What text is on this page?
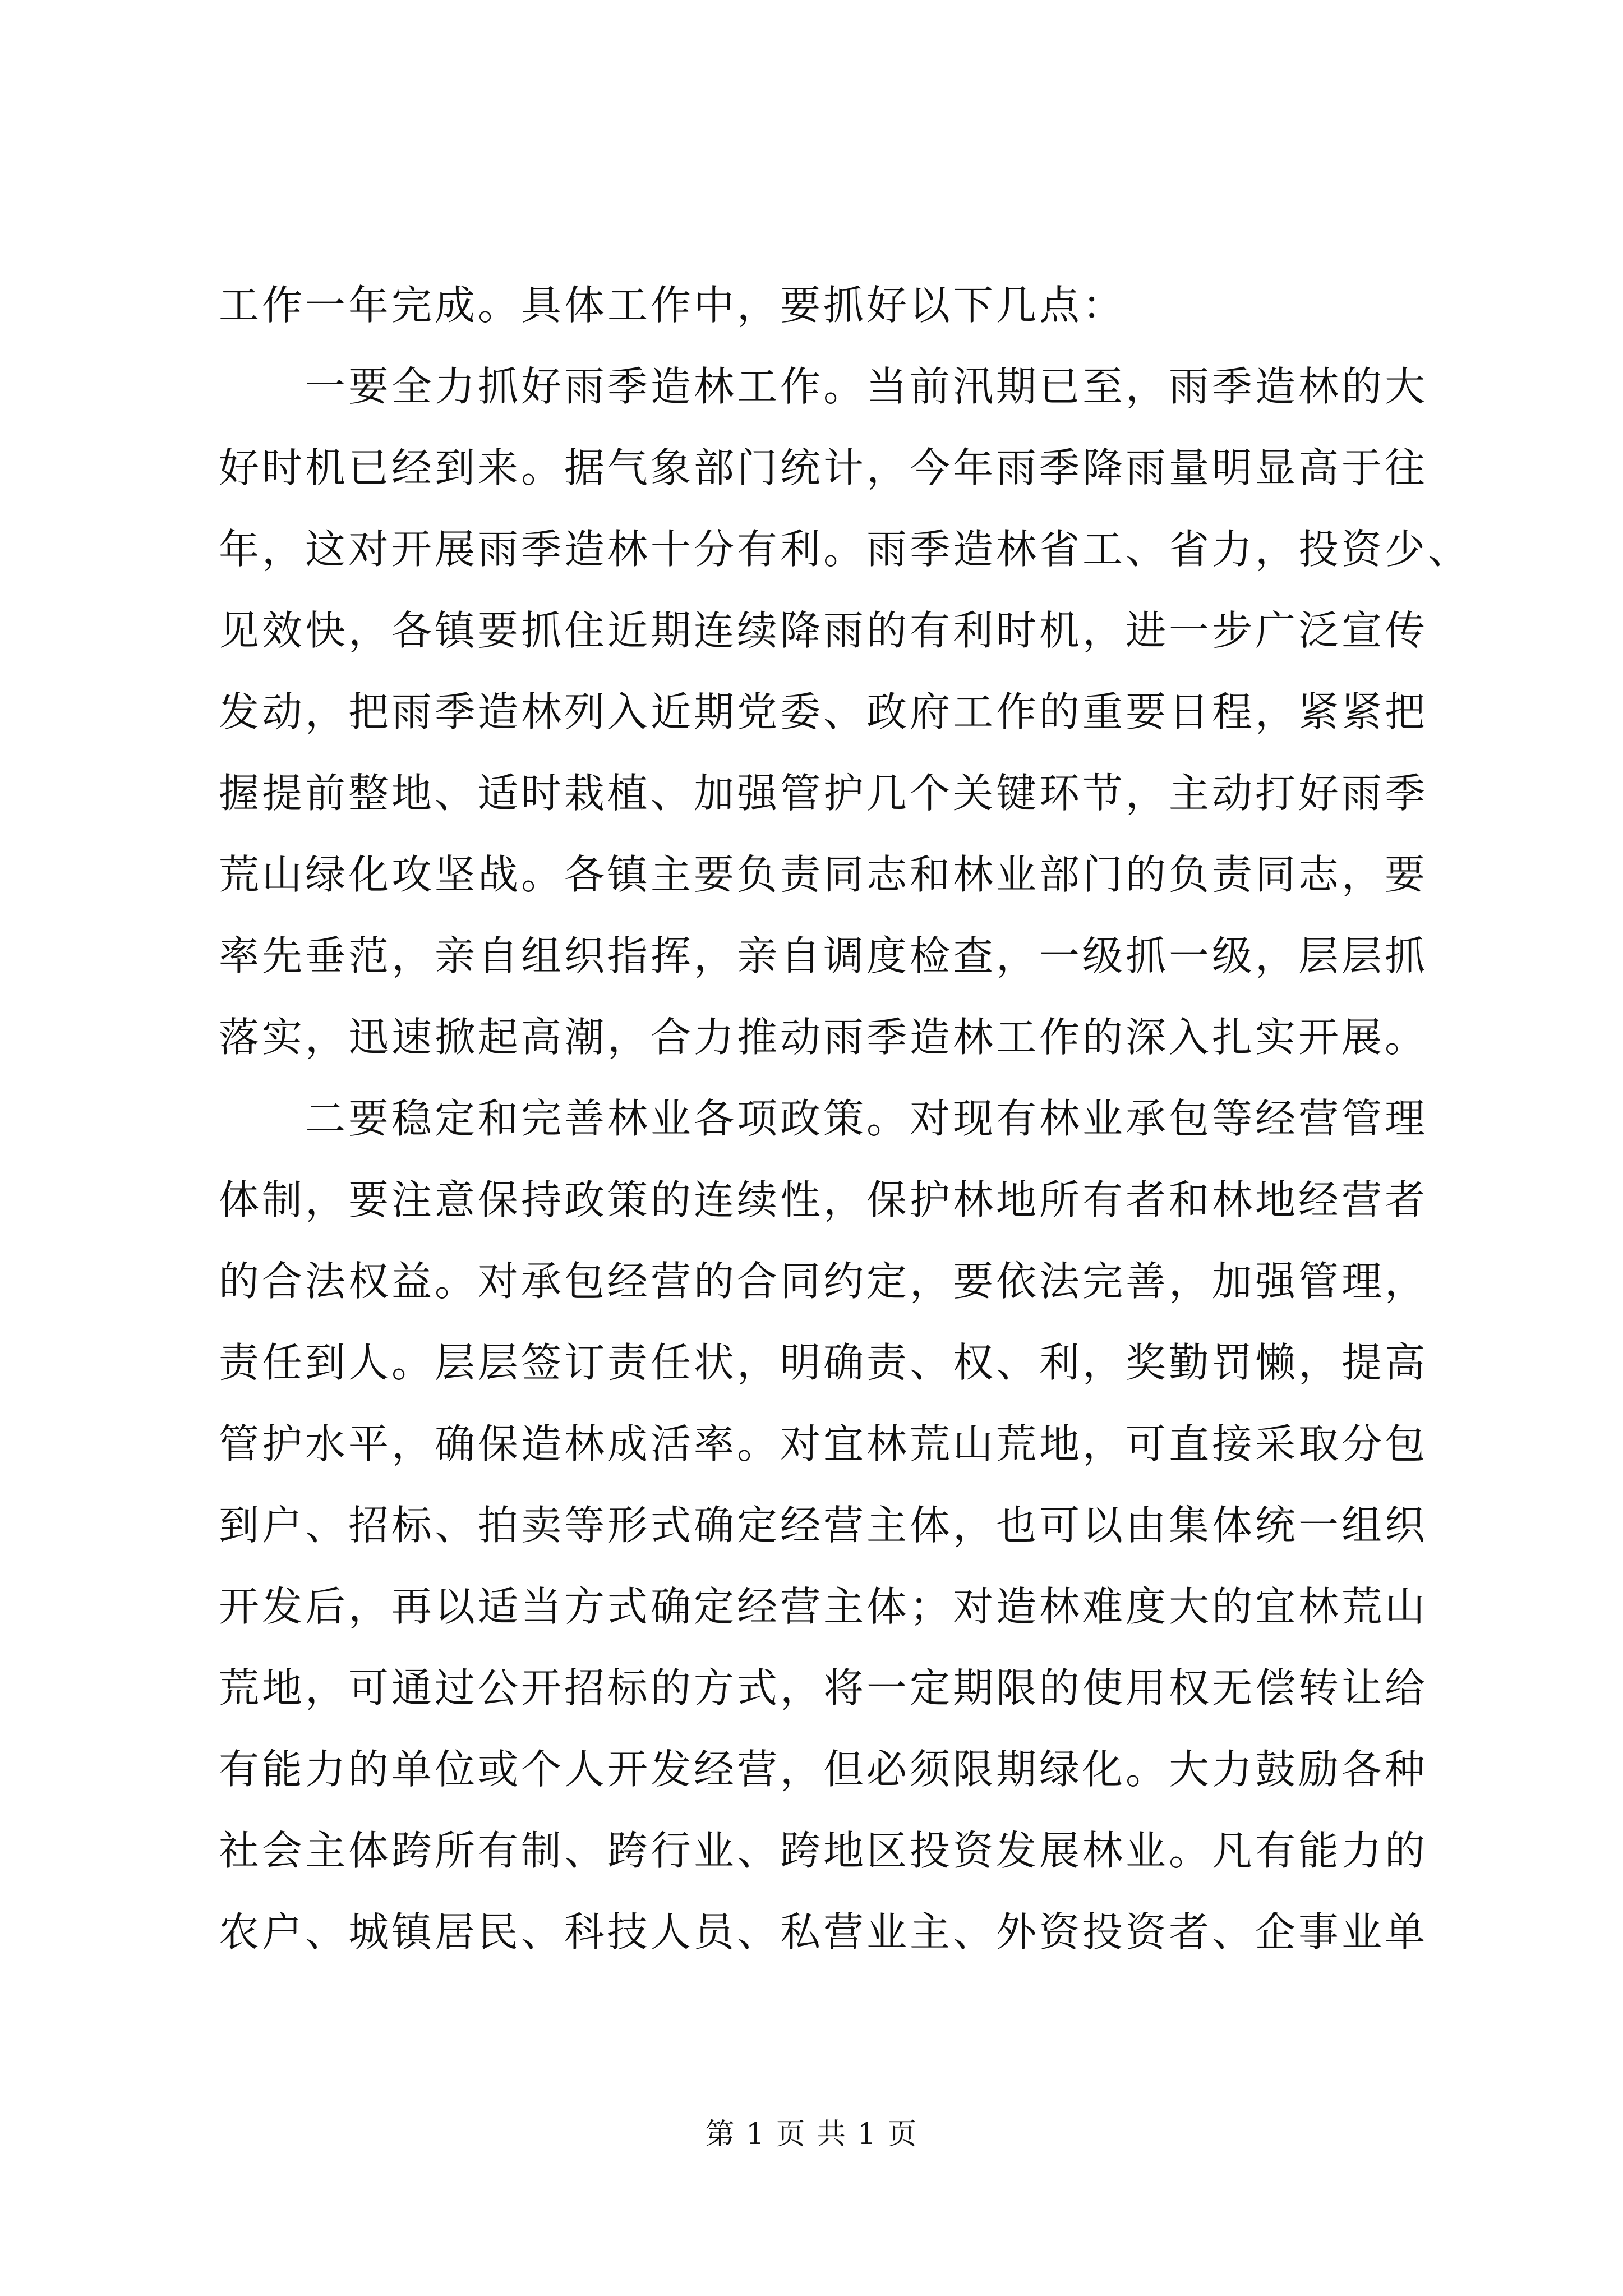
工作一年完成。具体工作中，要抓好以下几点：
一要全力抓好雨季造林工作。当前汛期已至，雨季造林的大
好时机已经到来。据气象部门统计，今年雨季降雨量明显高于往
年，这对开展雨季造林十分有利。雨季造林省工、省力，投资少、
见效快，各镇要抓住近期连续降雨的有利时机，进一步广泛宣传
发动，把雨季造林列入近期党委、政府工作的重要日程，紧紧把
握提前整地、适时栽植、加强管护几个关键环节，主动打好雨季
荒山绿化攻坚战。各镇主要负责同志和林业部门的负责同志，要
率先垂范，亲自组织指挥，亲自调度检查，一级抓一级，层层抓
落实，迅速掀起高潮，合力推动雨季造林工作的深入扎实开展。
二要稳定和完善林业各项政策。对现有林业承包等经营管理
体制，要注意保持政策的连续性，保护林地所有者和林地经营者
的合法权益。对承包经营的合同约定，要依法完善，加强管理，
责任到人。层层签订责任状，明确责、权、利，奖勤罚懒，提高
管护水平，确保造林成活率。对宜林荒山荒地，可直接采取分包
到户、招标、拍卖等形式确定经营主体，也可以由集体统一组织
开发后，再以适当方式确定经营主体；对造林难度大的宜林荒山
荒地，可通过公开招标的方式，将一定期限的使用权无偿转让给
有能力的单位或个人开发经营，但必须限期绿化。大力鼓励各种
社会主体跨所有制、跨行业、跨地区投资发展林业。凡有能力的
农户、城镇居民、科技人员、私营业主、外资投资者、企事业单
第 1 页 共 1 页
